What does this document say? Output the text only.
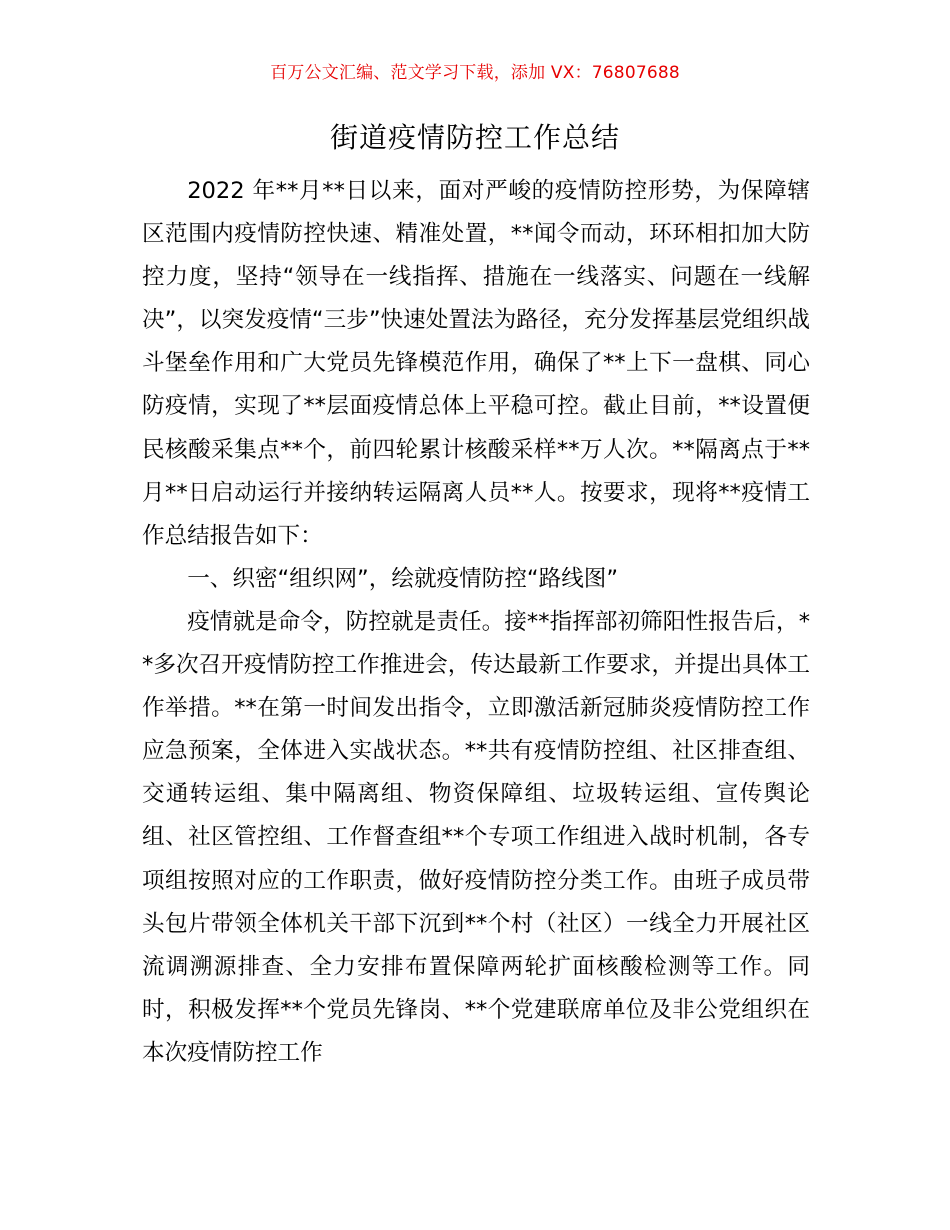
百万公文汇编、范文学习下载，添加 VX：76807688
街道疫情防控工作总结

2022 年**月**日以来，面对严峻的疫情防控形势，为保障辖区范围内疫情防控快速、精准处置，**闻令而动，环环相扣加大防控力度，坚持“领导在一线指挥、措施在一线落实、问题在一线解决”，以突发疫情“三步”快速处置法为路径，充分发挥基层党组织战斗堡垒作用和广大党员先锋模范作用，确保了**上下一盘棋、同心防疫情，实现了**层面疫情总体上平稳可控。截止目前，**设置便民核酸采集点**个，前四轮累计核酸采样**万人次。**隔离点于**月**日启动运行并接纳转运隔离人员**人。按要求，现将**疫情工作总结报告如下：

一、织密“组织网”，绘就疫情防控“路线图”

疫情就是命令，防控就是责任。接**指挥部初筛阳性报告后，**多次召开疫情防控工作推进会，传达最新工作要求，并提出具体工作举措。**在第一时间发出指令，立即激活新冠肺炎疫情防控工作应急预案，全体进入实战状态。**共有疫情防控组、社区排查组、交通转运组、集中隔离组、物资保障组、垃圾转运组、宣传舆论组、社区管控组、工作督查组**个专项工作组进入战时机制，各专项组按照对应的工作职责，做好疫情防控分类工作。由班子成员带头包片带领全体机关干部下沉到**个村（社区）一线全力开展社区流调溯源排查、全力安排布置保障两轮扩面核酸检测等工作。同时，积极发挥**个党员先锋岗、**个党建联席单位及非公党组织在本次疫情防控工作
